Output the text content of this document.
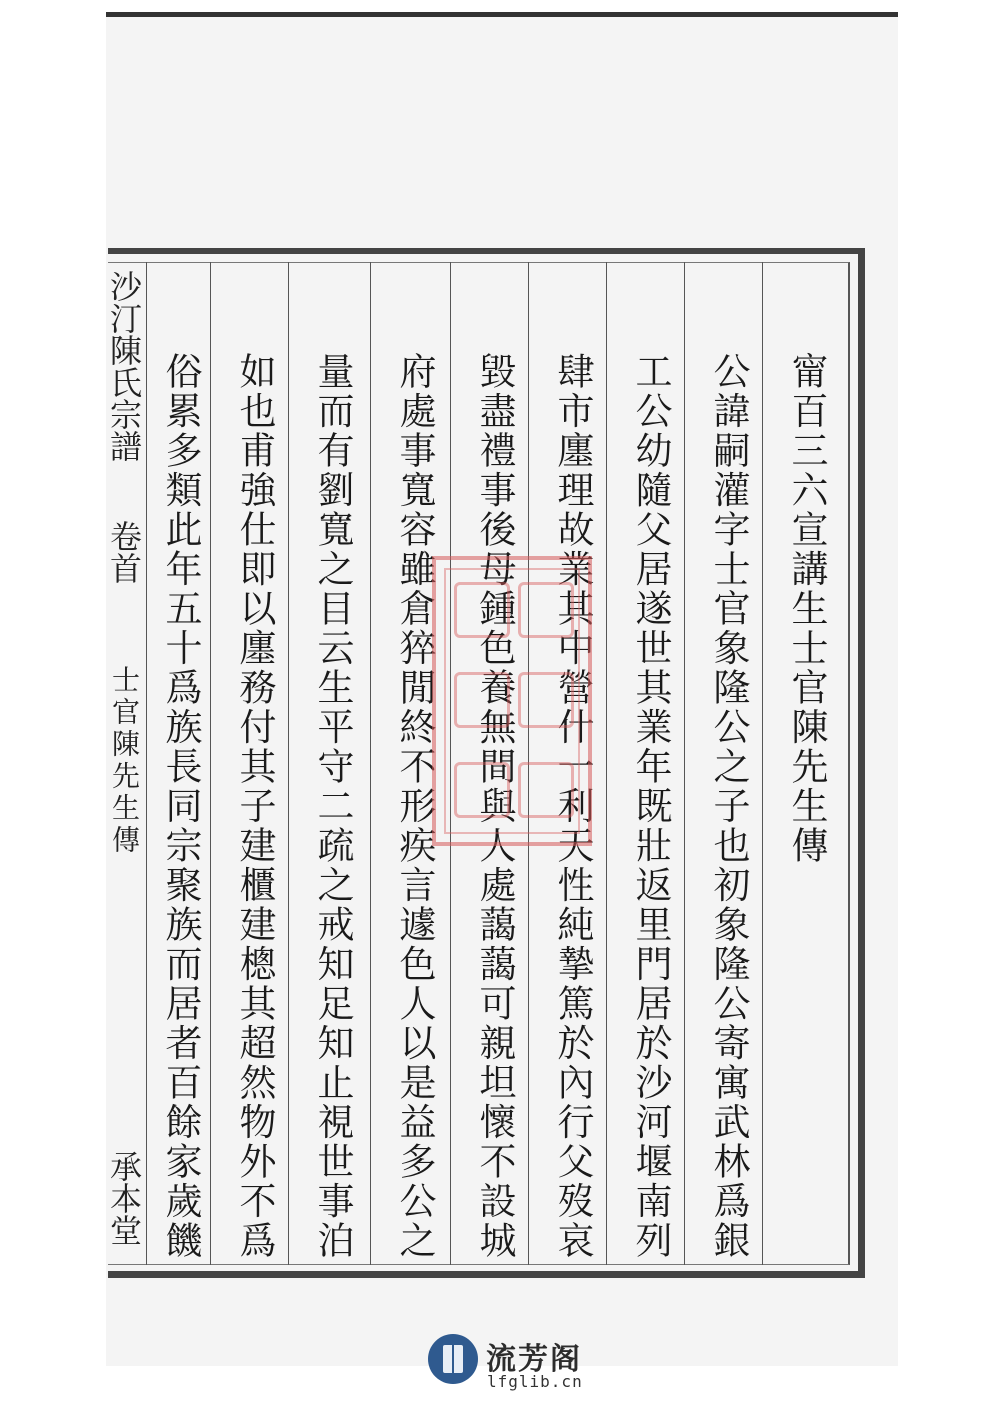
沙汀陳氏宗譜
卷首
士官陳先生傳
承本堂
甯百三六宣講生士官陳先生傳
公諱嗣灌字士官象隆公之子也初象隆公寄寓武林爲銀
工公幼隨父居遂世其業年既壯返里門居於沙河堰南列
肆市廛理故業其中營什一利天性純摯篤於內行父歿哀
毀盡禮事後母鍾色養無間與人處藹藹可親坦懷不設城
府處事寬容雖倉猝閒終不形疾言遽色人以是益多公之
量而有劉寬之目云生平守二疏之戒知足知止視世事泊
如也甫強仕即以廛務付其子建櫃建樬其超然物外不爲
俗累多類此年五十爲族長同宗聚族而居者百餘家歲饑
流芳阁
lfglib.cn
